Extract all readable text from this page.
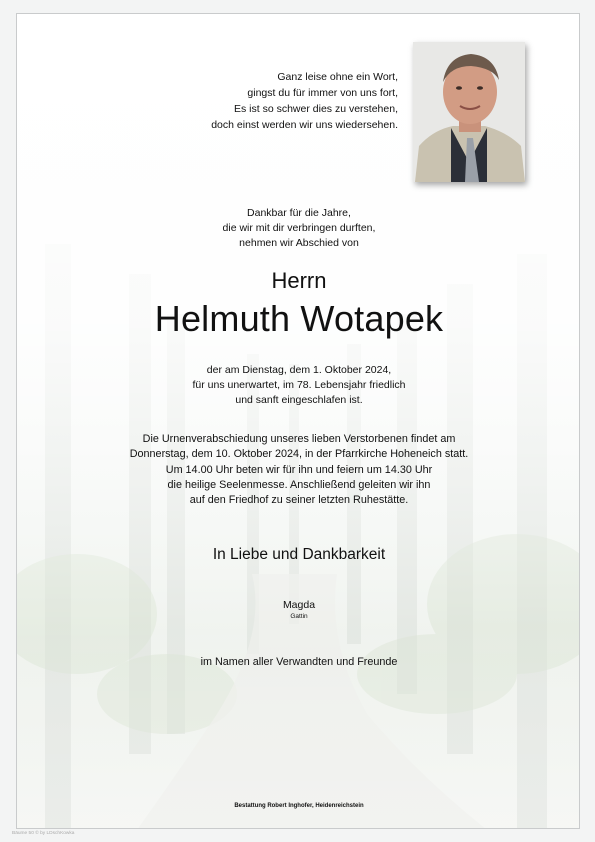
Ganz leise ohne ein Wort,
gingst du für immer von uns fort,
Es ist so schwer dies zu verstehen,
doch einst werden wir uns wiedersehen.
Dankbar für die Jahre,
die wir mit dir verbringen durften,
nehmen wir Abschied von
Herrn
Helmuth Wotapek
der am Dienstag, dem 1. Oktober 2024,
für uns unerwartet, im 78. Lebensjahr friedlich
und sanft eingeschlafen ist.
Die Urnenverabschiedung unseres lieben Verstorbenen findet am
Donnerstag, dem 10. Oktober 2024, in der Pfarrkirche Hoheneich statt.
Um 14.00 Uhr beten wir für ihn und feiern um 14.30 Uhr
die heilige Seelenmesse. Anschließend geleiten wir ihn
auf den Friedhof zu seiner letzten Ruhestätte.
In Liebe und Dankbarkeit
Magda
Gattin
im Namen aller Verwandten und Freunde
Bestattung Robert Inghofer, Heidenreichstein
Bäume 50 © by LDschKowka
